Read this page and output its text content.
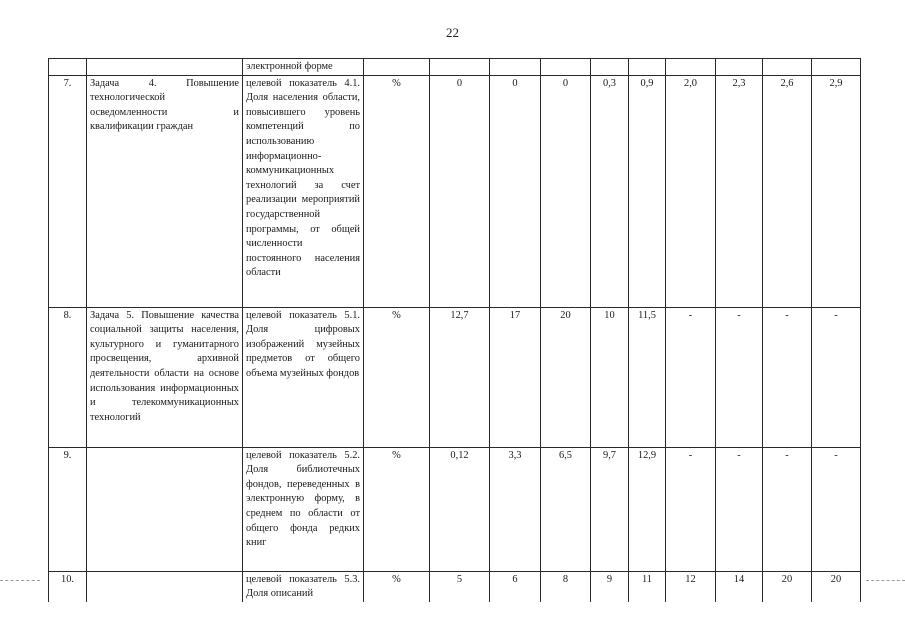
22
		электронной форме										
7.	Задача 4. Повышение технологической осведомленности и квалификации граждан	целевой показатель 4.1. Доля населения области, повысившего уровень компетенций по использованию информационно-коммуникационных технологий за счет реализации мероприятий государственной программы, от общей численности постоянного населения области	%	0	0	0	0,3	0,9	2,0	2,3	2,6	2,9
8.	Задача 5. Повышение качества социальной защиты населения, культурного и гуманитарного просвещения, архивной деятельности области на основе использования информационных и телекоммуникационных технологий	целевой показатель 5.1. Доля цифровых изображений музейных предметов от общего объема музейных фондов	%	12,7	17	20	10	11,5	-	-	-	-
9.		целевой показатель 5.2. Доля библиотечных фондов, переведенных в электронную форму, в среднем по области от общего фонда редких книг	%	0,12	3,3	6,5	9,7	12,9	-	-	-	-
10.		целевой показатель 5.3. Доля описаний	%	5	6	8	9	11	12	14	20	20
